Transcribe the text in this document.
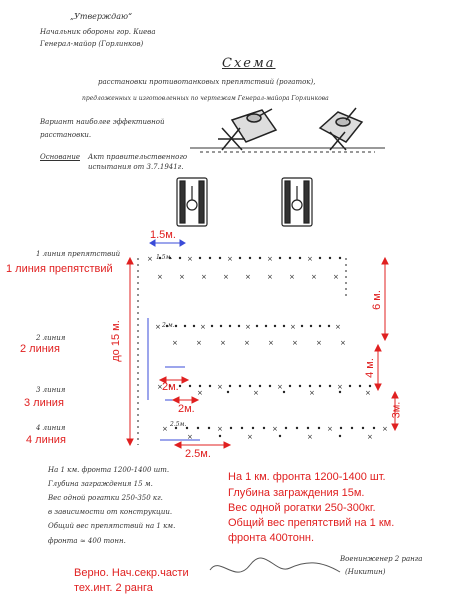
„Утверждаю“
Начальник обороны гор. Киева
Генерал-майор (Горлинков)
Схема
расстановки противотанковых препятствий (рогаток),
предложенных и изготовленных по чертежам Генерал-майора Горлинкова
Вариант наиболее эффективной
расстановки.
Основание Акт правительственного
испытания от 3.7.1941г.
×	×	×	×	×
× × × × × × × × ×
×	×	×	×	×
×	×	×	×	×	×	×	×
×	×	×	×
×	×	×	×
×	×	×	×	×
×	×	×	×
1 линия препятствий
2 линия
3 линия
4 линия
1 линия препятствий
2 линия
3 линия
4 линия
1.5м.
2м.
2м.
2.5м.
6 м.
4 м.
3м.
до 15 м.	2 м.
2.5м.
1.5м.
На 1 км. фронта 1200-1400 шт.
Глубина заграждения 15 м.
Вес одной рогатки 250-350 кг.
в зависимости от конструкции.
Общий вес препятствий на 1 км.
фронта ≈ 400 тонн.
На 1 км. фронта 1200-1400 шт.
Глубина заграждения 15м.
Вес одной рогатки 250-300кг.
Общий вес препятствий на 1 км.
фронта 400тонн.
Верно. Нач.секр.части
тех.инт. 2 ранга
Военинженер 2 ранга
(Никитин)
